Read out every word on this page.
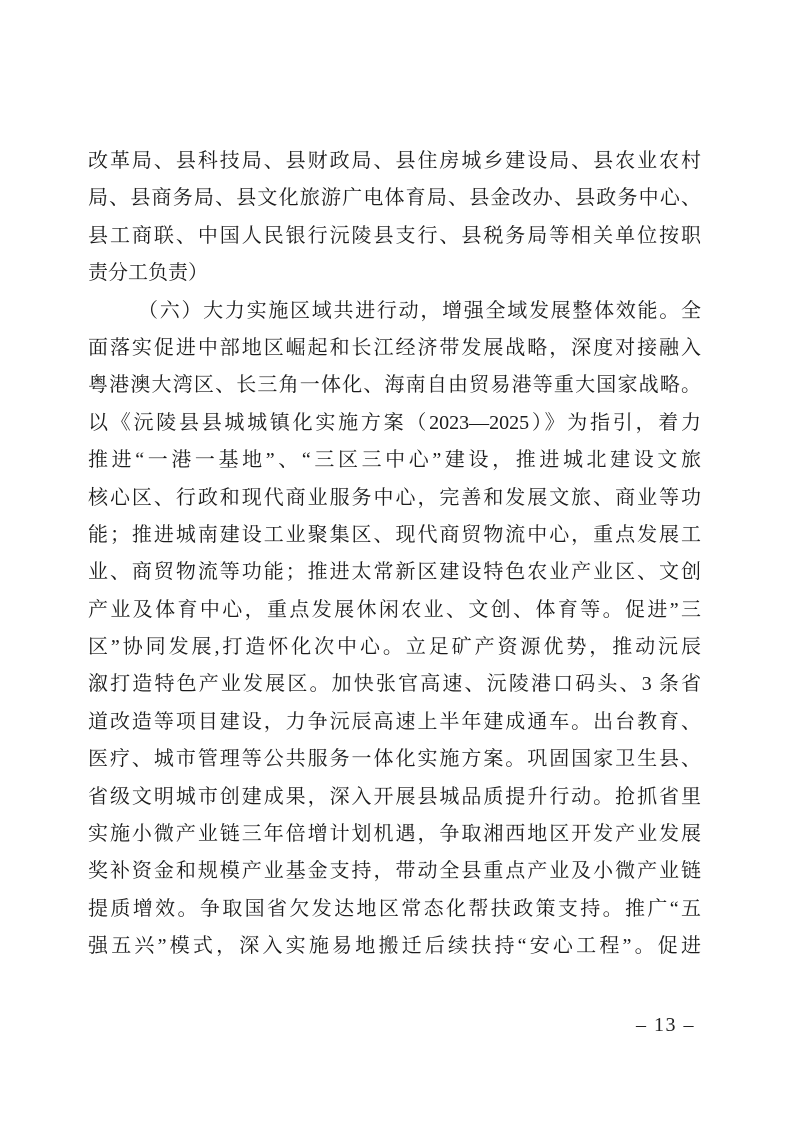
改革局、县科技局、县财政局、县住房城乡建设局、县农业农村
局、县商务局、县文化旅游广电体育局、县金改办、县政务中心、
县工商联、中国人民银行沅陵县支行、县税务局等相关单位按职
责分工负责）
（六）大力实施区域共进行动，增强全域发展整体效能。全
面落实促进中部地区崛起和长江经济带发展战略，深度对接融入
粤港澳大湾区、长三角一体化、海南自由贸易港等重大国家战略。
以《沅陵县县城城镇化实施方案（2023—2025）》为指引，着力
推进“一港一基地”、“三区三中心”建设，推进城北建设文旅
核心区、行政和现代商业服务中心，完善和发展文旅、商业等功
能；推进城南建设工业聚集区、现代商贸物流中心，重点发展工
业、商贸物流等功能；推进太常新区建设特色农业产业区、文创
产业及体育中心，重点发展休闲农业、文创、体育等。促进”三
区”协同发展,打造怀化次中心。立足矿产资源优势，推动沅辰
溆打造特色产业发展区。加快张官高速、沅陵港口码头、3 条省
道改造等项目建设，力争沅辰高速上半年建成通车。出台教育、
医疗、城市管理等公共服务一体化实施方案。巩固国家卫生县、
省级文明城市创建成果，深入开展县城品质提升行动。抢抓省里
实施小微产业链三年倍增计划机遇，争取湘西地区开发产业发展
奖补资金和规模产业基金支持，带动全县重点产业及小微产业链
提质增效。争取国省欠发达地区常态化帮扶政策支持。推广“五
强五兴”模式，深入实施易地搬迁后续扶持“安心工程”。促进
– 13 –
